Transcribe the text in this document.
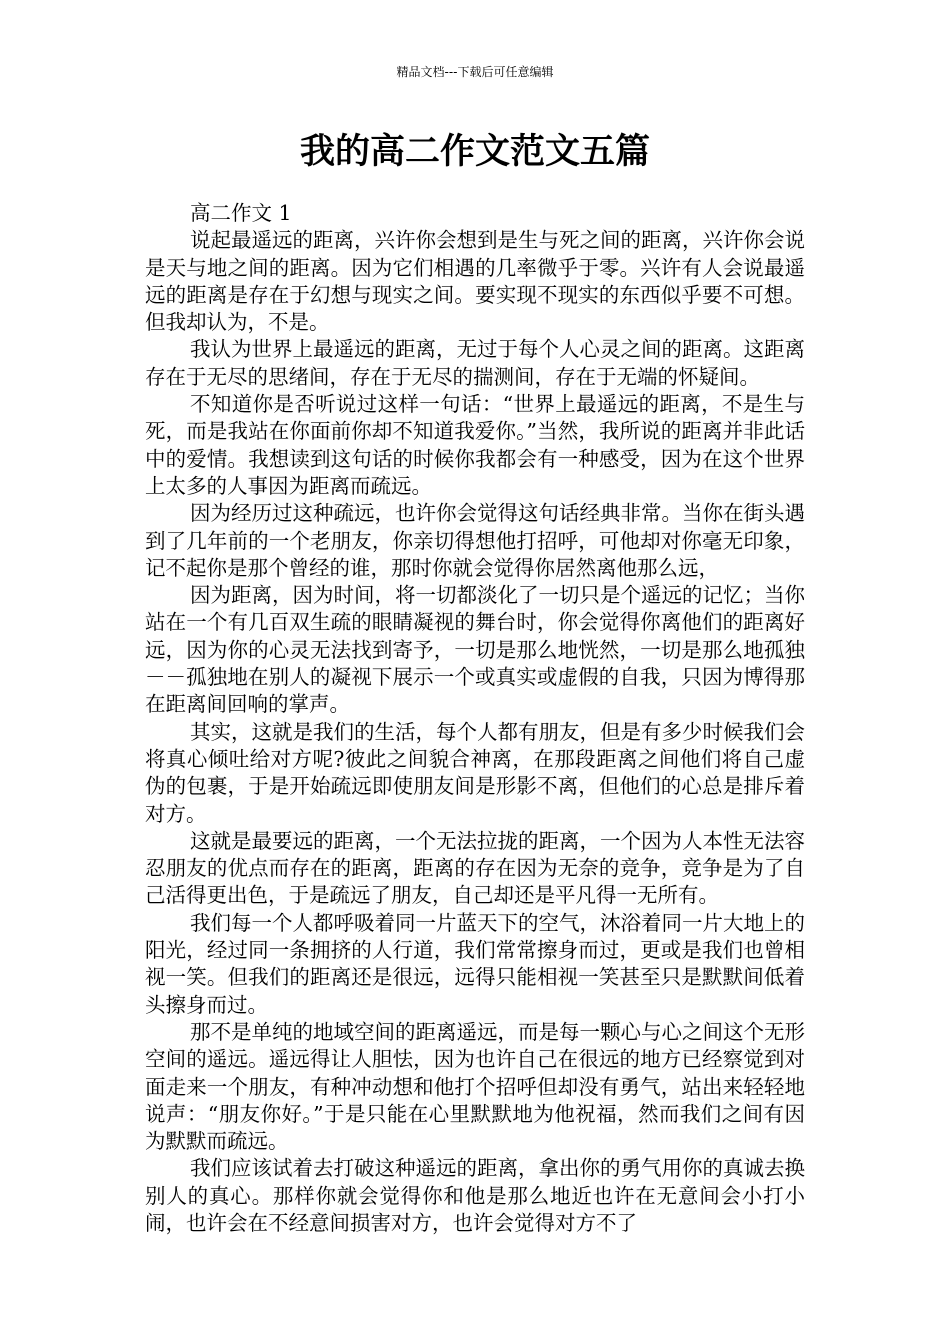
精品文档---下载后可任意编辑
我的高二作文范文五篇
高二作文 1

说起最遥远的距离，兴许你会想到是生与死之间的距离，兴许你会说是天与地之间的距离。因为它们相遇的几率微乎于零。兴许有人会说最遥远的距离是存在于幻想与现实之间。要实现不现实的东西似乎要不可想。但我却认为，不是。

我认为世界上最遥远的距离，无过于每个人心灵之间的距离。这距离存在于无尽的思绪间，存在于无尽的揣测间，存在于无端的怀疑间。

不知道你是否听说过这样一句话：“世界上最遥远的距离，不是生与死，而是我站在你面前你却不知道我爱你。”当然，我所说的距离并非此话中的爱情。我想读到这句话的时候你我都会有一种感受，因为在这个世界上太多的人事因为距离而疏远。

因为经历过这种疏远，也许你会觉得这句话经典非常。当你在街头遇到了几年前的一个老朋友，你亲切得想他打招呼，可他却对你毫无印象，记不起你是那个曾经的谁，那时你就会觉得你居然离他那么远，

因为距离，因为时间，将一切都淡化了一切只是个遥远的记忆；当你站在一个有几百双生疏的眼睛凝视的舞台时，你会觉得你离他们的距离好远，因为你的心灵无法找到寄予，一切是那么地恍然，一切是那么地孤独－－孤独地在别人的凝视下展示一个或真实或虚假的自我，只因为博得那在距离间回响的掌声。

其实，这就是我们的生活，每个人都有朋友，但是有多少时候我们会将真心倾吐给对方呢?彼此之间貌合神离，在那段距离之间他们将自己虚伪的包裹，于是开始疏远即使朋友间是形影不离，但他们的心总是排斥着对方。

这就是最要远的距离，一个无法拉拢的距离，一个因为人本性无法容忍朋友的优点而存在的距离，距离的存在因为无奈的竞争，竞争是为了自己活得更出色，于是疏远了朋友，自己却还是平凡得一无所有。

我们每一个人都呼吸着同一片蓝天下的空气，沐浴着同一片大地上的阳光，经过同一条拥挤的人行道，我们常常擦身而过，更或是我们也曾相视一笑。但我们的距离还是很远，远得只能相视一笑甚至只是默默间低着头擦身而过。

那不是单纯的地域空间的距离遥远，而是每一颗心与心之间这个无形空间的遥远。遥远得让人胆怯，因为也许自己在很远的地方已经察觉到对面走来一个朋友，有种冲动想和他打个招呼但却没有勇气，站出来轻轻地说声：“朋友你好。”于是只能在心里默默地为他祝福，然而我们之间有因为默默而疏远。

我们应该试着去打破这种遥远的距离，拿出你的勇气用你的真诚去换别人的真心。那样你就会觉得你和他是那么地近也许在无意间会小打小闹，也许会在不经意间损害对方，也许会觉得对方不了
